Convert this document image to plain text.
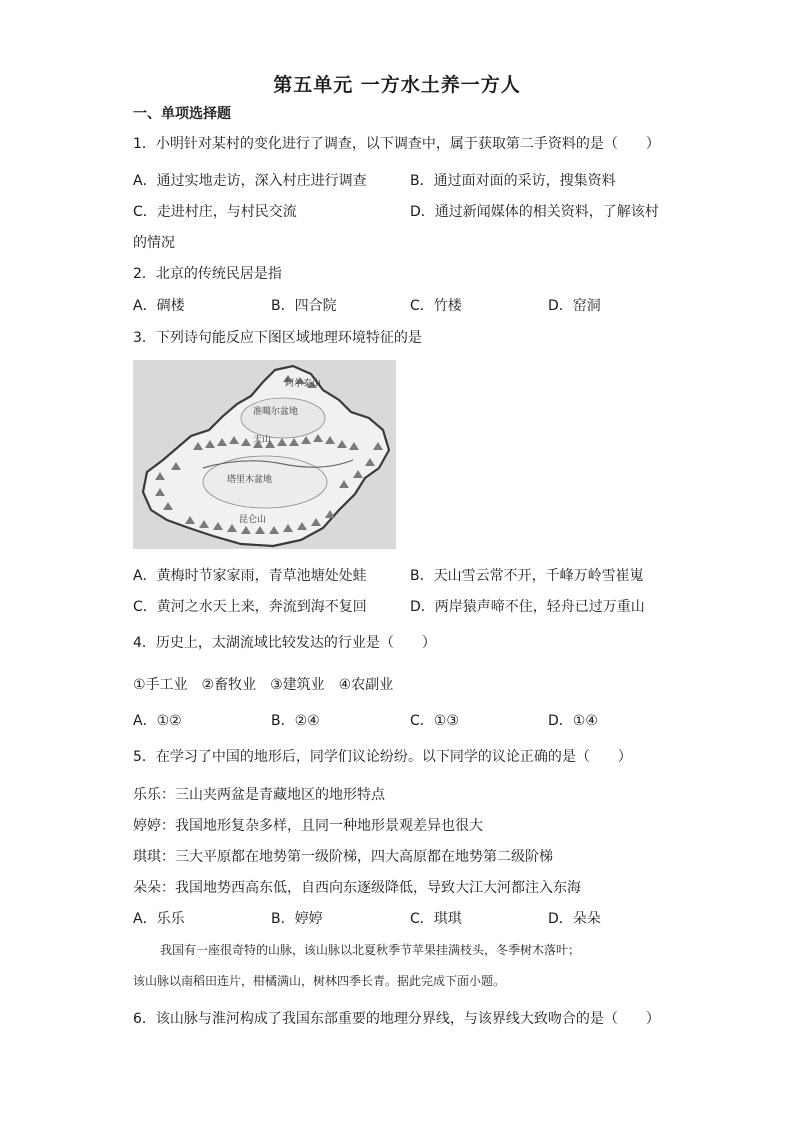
第五单元 一方水土养一方人
一、单项选择题
1．小明针对某村的变化进行了调查，以下调查中，属于获取第二手资料的是（　　）
A．通过实地走访，深入村庄进行调查	B．通过面对面的采访，搜集资料
C．走进村庄，与村民交流	D．通过新闻媒体的相关资料，了解该村
的情况
2．北京的传统民居是指
A．碉楼	B．四合院	C．竹楼	D．窑洞
3．下列诗句能反应下图区域地理环境特征的是
阿尔泰山
准噶尔盆地
天山
塔里木盆地
昆仑山
A．黄梅时节家家雨，青草池塘处处蛙	B．天山雪云常不开，千峰万岭雪崔嵬
C．黄河之水天上来，奔流到海不复回	D．两岸猿声啼不住，轻舟已过万重山
4．历史上，太湖流域比较发达的行业是（　　）
①手工业　②畜牧业　③建筑业　④农副业
A．①②	B．②④	C．①③	D．①④
5．在学习了中国的地形后，同学们议论纷纷。以下同学的议论正确的是（　　）
乐乐：三山夹两盆是青藏地区的地形特点
婷婷：我国地形复杂多样，且同一种地形景观差异也很大
琪琪：三大平原都在地势第一级阶梯，四大高原都在地势第二级阶梯
朵朵：我国地势西高东低，自西向东逐级降低，导致大江大河都注入东海
A．乐乐	B．婷婷	C．琪琪	D．朵朵
我国有一座很奇特的山脉，该山脉以北夏秋季节苹果挂满枝头，冬季树木落叶；
该山脉以南稻田连片，柑橘满山，树林四季长青。据此完成下面小题。
6．该山脉与淮河构成了我国东部重要的地理分界线，与该界线大致吻合的是（　　）
